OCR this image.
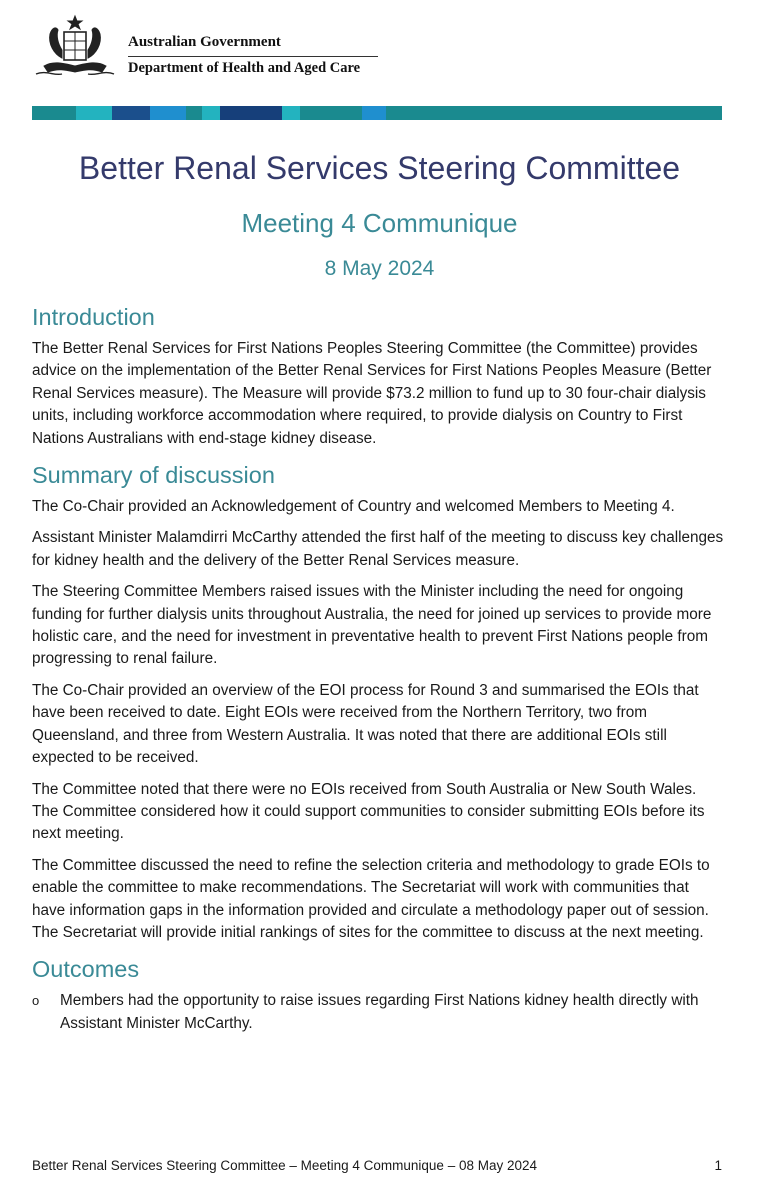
Australian Government
Department of Health and Aged Care
Better Renal Services Steering Committee
Meeting 4 Communique
8 May 2024
Introduction

The Better Renal Services for First Nations Peoples Steering Committee (the Committee) provides advice on the implementation of the Better Renal Services for First Nations Peoples Measure (Better Renal Services measure). The Measure will provide $73.2 million to fund up to 30 four-chair dialysis units, including workforce accommodation where required, to provide dialysis on Country to First Nations Australians with end-stage kidney disease.

Summary of discussion

The Co-Chair provided an Acknowledgement of Country and welcomed Members to Meeting 4.

Assistant Minister Malamdirri McCarthy attended the first half of the meeting to discuss key challenges for kidney health and the delivery of the Better Renal Services measure.

The Steering Committee Members raised issues with the Minister including the need for ongoing funding for further dialysis units throughout Australia, the need for joined up services to provide more holistic care, and the need for investment in preventative health to prevent First Nations people from progressing to renal failure.

The Co-Chair provided an overview of the EOI process for Round 3 and summarised the EOIs that have been received to date. Eight EOIs were received from the Northern Territory, two from Queensland, and three from Western Australia. It was noted that there are additional EOIs still expected to be received.

The Committee noted that there were no EOIs received from South Australia or New South Wales. The Committee considered how it could support communities to consider submitting EOIs before its next meeting.

The Committee discussed the need to refine the selection criteria and methodology to grade EOIs to enable the committee to make recommendations. The Secretariat will work with communities that have information gaps in the information provided and circulate a methodology paper out of session. The Secretariat will provide initial rankings of sites for the committee to discuss at the next meeting.

Outcomes
o Members had the opportunity to raise issues regarding First Nations kidney health directly with Assistant Minister McCarthy.
Better Renal Services Steering Committee – Meeting 4 Communique – 08 May 2024	1
